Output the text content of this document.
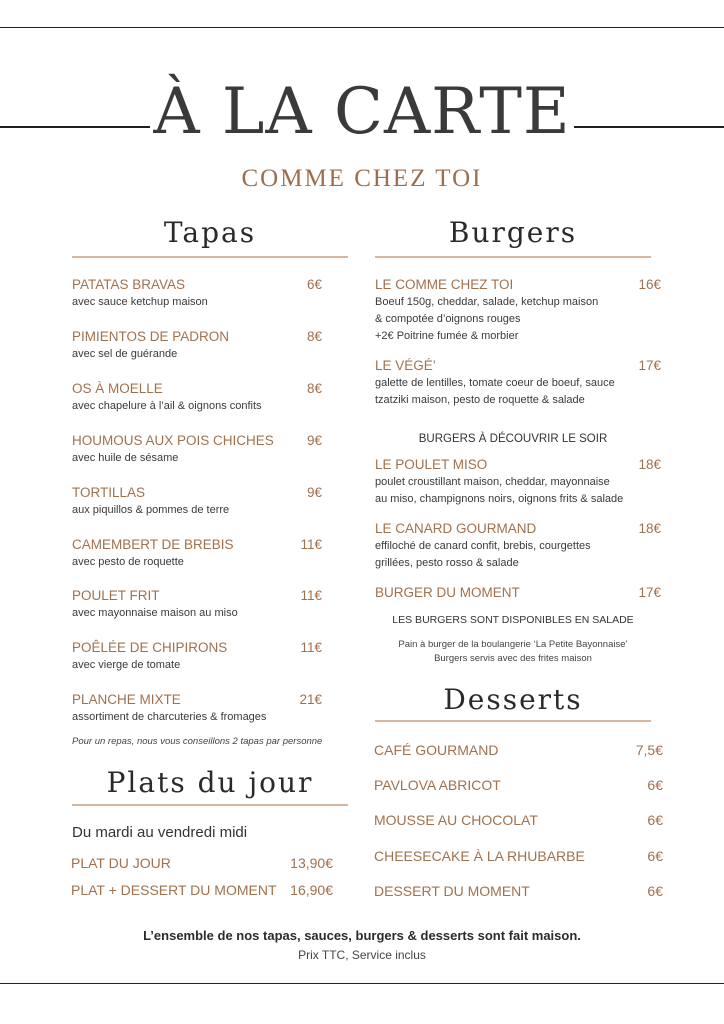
À LA CARTE
COMME CHEZ TOI
Tapas
PATATAS BRAVAS	6€
avec sauce ketchup maison
PIMIENTOS DE PADRON	8€
avec sel de guérande
OS À MOELLE	8€
avec chapelure à l’ail & oignons confits
HOUMOUS AUX POIS CHICHES	9€
avec huile de sésame
TORTILLAS	9€
aux piquillos & pommes de terre
CAMEMBERT DE BREBIS	11€
avec pesto de roquette
POULET FRIT	11€
avec mayonnaise maison au miso
POÊLÉE DE CHIPIRONS	11€
avec vierge de tomate
PLANCHE MIXTE	21€
assortiment de charcuteries & fromages
Pour un repas, nous vous conseillons 2 tapas par personne
Plats du jour
Du mardi au vendredi midi
PLAT DU JOUR	13,90€
PLAT + DESSERT DU MOMENT 16,90€
Burgers
LE COMME CHEZ TOI	16€
Boeuf 150g, cheddar, salade, ketchup maison
& compotée d’oignons rouges
+2€ Poitrine fumée & morbier
LE VÉGÉ’	17€
galette de lentilles, tomate coeur de boeuf, sauce
tzatziki maison, pesto de roquette & salade
BURGERS À DÉCOUVRIR LE SOIR
LE POULET MISO	18€
poulet croustillant maison, cheddar, mayonnaise
au miso, champignons noirs, oignons frits & salade
LE CANARD GOURMAND	18€
effiloché de canard confit, brebis, courgettes
grillées, pesto rosso & salade
BURGER DU MOMENT	17€
LES BURGERS SONT DISPONIBLES EN SALADE
Pain à burger de la boulangerie ‘La Petite Bayonnaise’
Burgers servis avec des frites maison
Desserts
CAFÉ GOURMAND	7,5€
PAVLOVA ABRICOT	6€
MOUSSE AU CHOCOLAT	6€
CHEESECAKE À LA RHUBARBE	6€
DESSERT DU MOMENT	6€
L’ensemble de nos tapas, sauces, burgers & desserts sont fait maison.
Prix TTC, Service inclus
